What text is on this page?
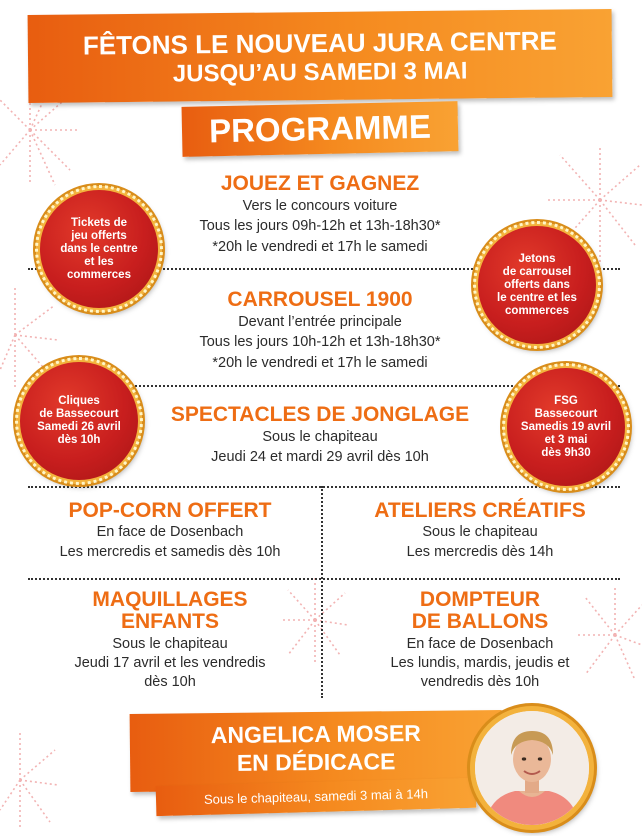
FÊTONS LE NOUVEAU JURA CENTRE
JUSQU’AU SAMEDI 3 MAI
PROGRAMME
JOUEZ ET GAGNEZ
Vers le concours voiture
Tous les jours 09h-12h et 13h-18h30*
*20h le vendredi et 17h le samedi
CARROUSEL 1900
Devant l’entrée principale
Tous les jours 10h-12h et 13h-18h30*
*20h le vendredi et 17h le samedi
SPECTACLES DE JONGLAGE
Sous le chapiteau
Jeudi 24 et mardi 29 avril dès 10h
POP-CORN OFFERT
En face de Dosenbach
Les mercredis et samedis dès 10h
ATELIERS CRÉATIFS
Sous le chapiteau
Les mercredis dès 14h
MAQUILLAGES
ENFANTS
Sous le chapiteau
Jeudi 17 avril et les vendredis
dès 10h
DOMPTEUR
DE BALLONS
En face de Dosenbach
Les lundis, mardis, jeudis et
vendredis dès 10h
Tickets de
jeu offerts
dans le centre
et les
commerces
Jetons
de carrousel
offerts dans
le centre et les
commerces
Cliques
de Bassecourt
Samedi 26 avril
dès 10h
FSG
Bassecourt
Samedis 19 avril
et 3 mai
dès 9h30
ANGELICA MOSER
EN DÉDICACE
Sous le chapiteau, samedi 3 mai à 14h
